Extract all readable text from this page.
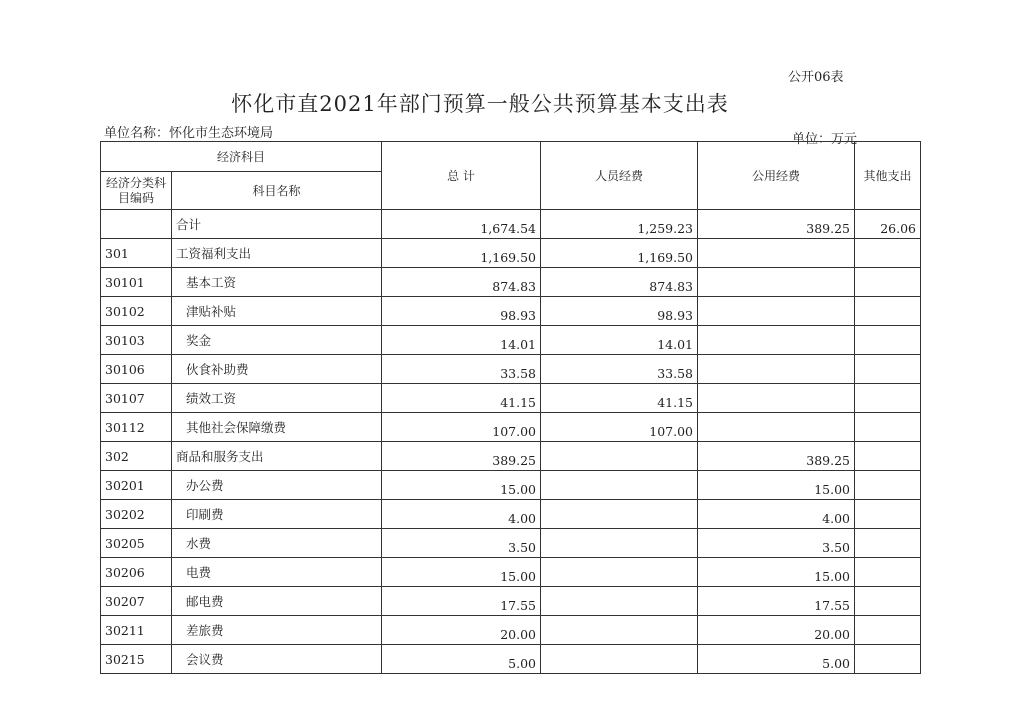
公开06表
怀化市直2021年部门预算一般公共预算基本支出表
单位名称：怀化市生态环境局	单位：万元
经济科目		总 计	人员经费	公用经费	其他支出
经济分类科目编码	科目名称				
	合计	1,674.54	1,259.23	389.25	26.06
301	工资福利支出	1,169.50	1,169.50		
30101	基本工资	874.83	874.83		
30102	津贴补贴	98.93	98.93		
30103	奖金	14.01	14.01		
30106	伙食补助费	33.58	33.58		
30107	绩效工资	41.15	41.15		
30112	其他社会保障缴费	107.00	107.00		
302	商品和服务支出	389.25		389.25	
30201	办公费	15.00		15.00	
30202	印刷费	4.00		4.00	
30205	水费	3.50		3.50	
30206	电费	15.00		15.00	
30207	邮电费	17.55		17.55	
30211	差旅费	20.00		20.00	
30215	会议费	5.00		5.00	
